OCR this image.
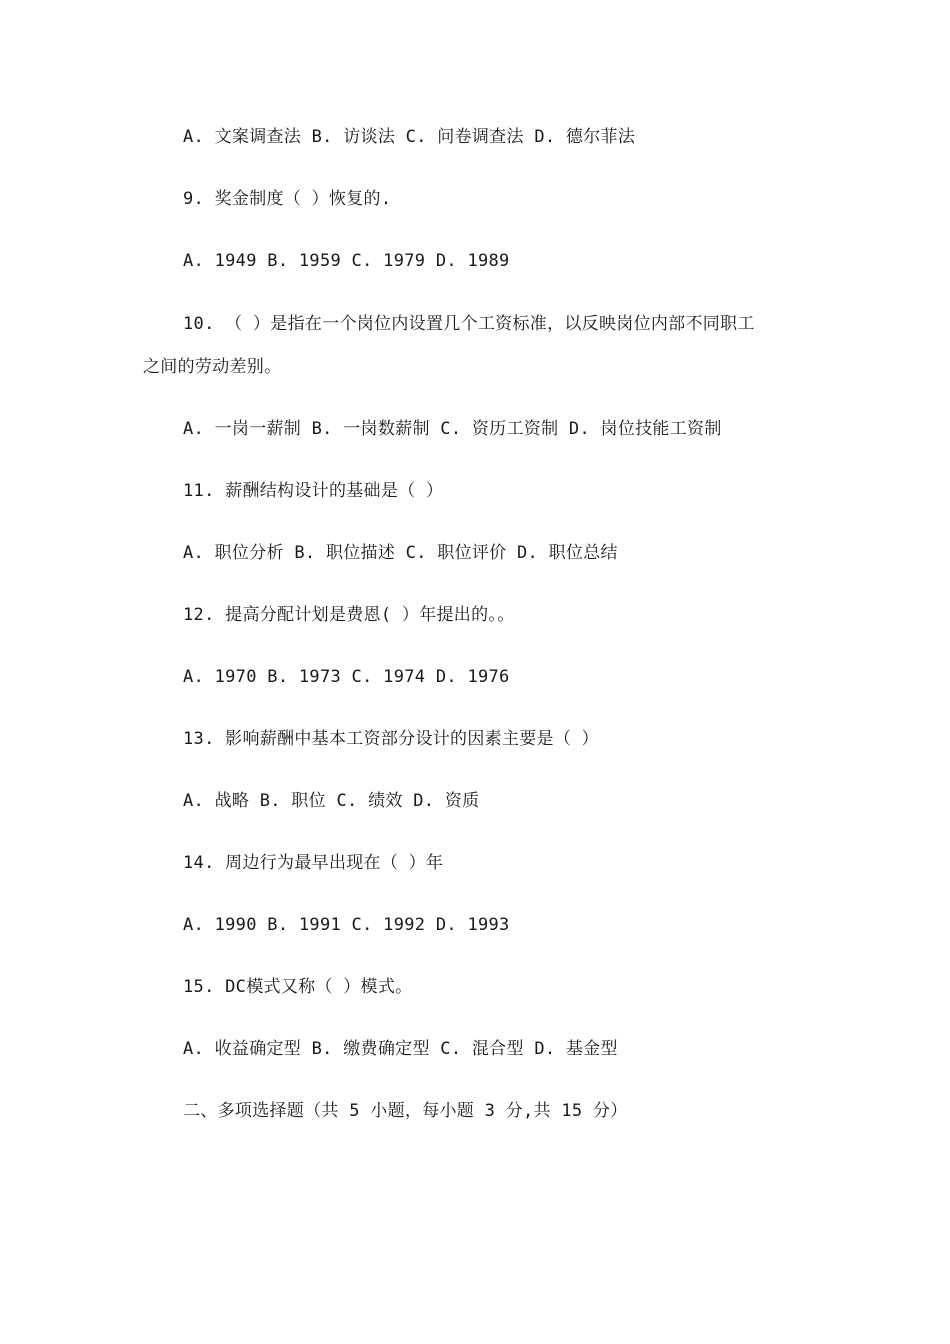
A. 文案调查法 B. 访谈法 C. 问卷调查法 D. 德尔菲法
9. 奖金制度（ ）恢复的.
A. 1949 B. 1959 C. 1979 D. 1989
10. （ ）是指在一个岗位内设置几个工资标准，以反映岗位内部不同职工
之间的劳动差别。
A. 一岗一薪制 B. 一岗数薪制 C. 资历工资制 D. 岗位技能工资制
11. 薪酬结构设计的基础是（ ）
A. 职位分析 B. 职位描述 C. 职位评价 D. 职位总结
12. 提高分配计划是费恩( ）年提出的。。
A. 1970 B. 1973 C. 1974 D. 1976
13. 影响薪酬中基本工资部分设计的因素主要是（ ）
A. 战略 B. 职位 C. 绩效 D. 资质
14. 周边行为最早出现在（ ）年
A. 1990 B. 1991 C. 1992 D. 1993
15. DC模式又称（ ）模式。
A. 收益确定型 B. 缴费确定型 C. 混合型 D. 基金型
二、多项选择题（共 5 小题，每小题 3 分,共 15 分）
